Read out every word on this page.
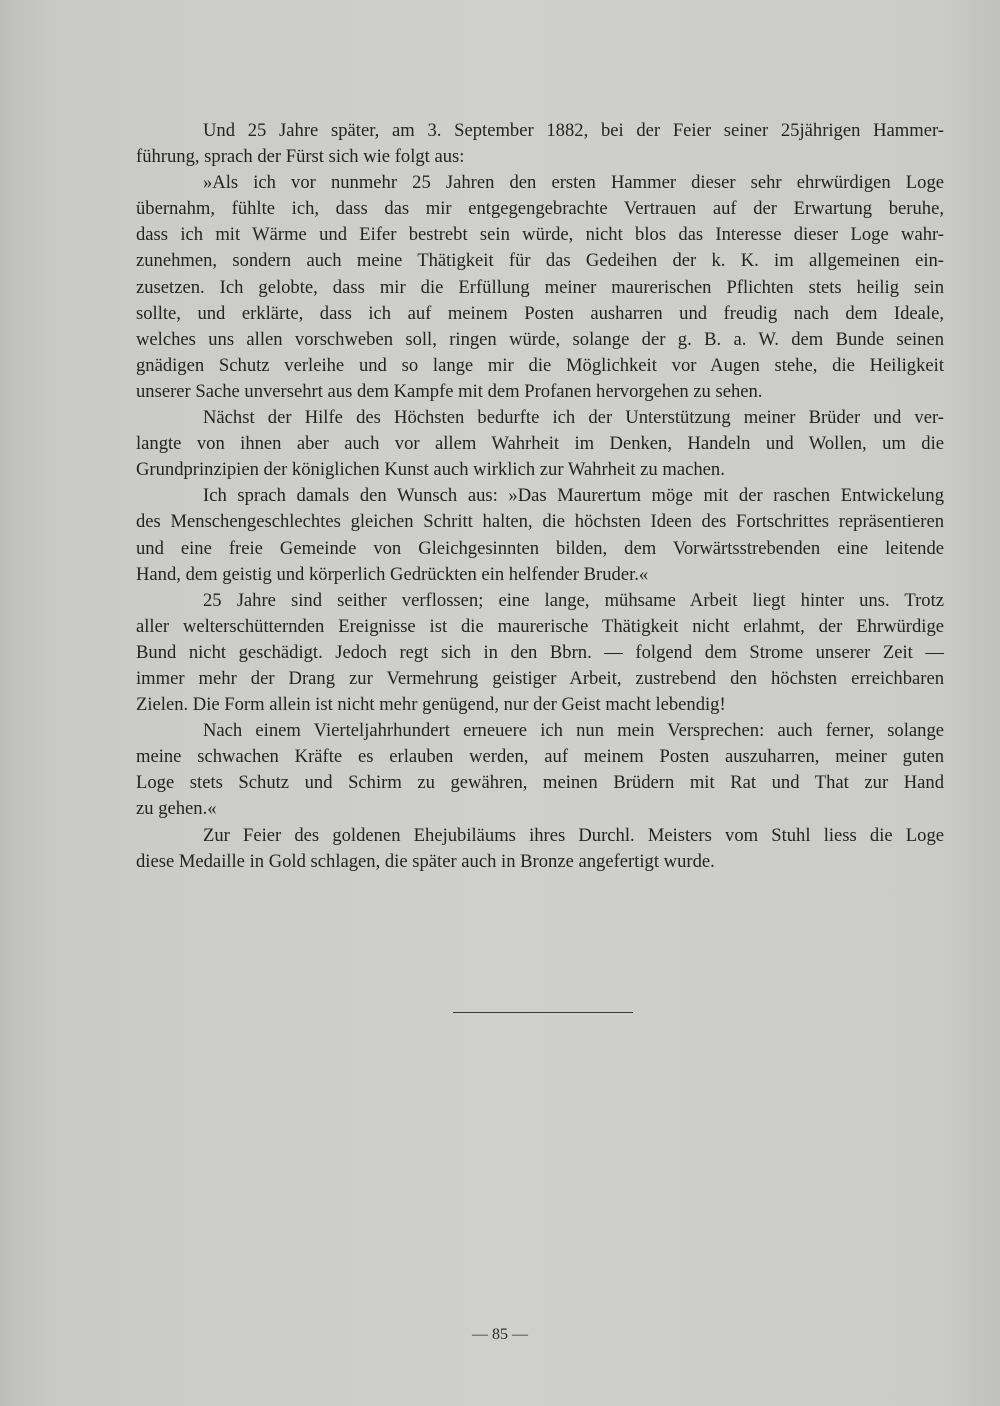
Und 25 Jahre später, am 3. September 1882, bei der Feier seiner 25jährigen Hammer-
führung, sprach der Fürst sich wie folgt aus:
»Als ich vor nunmehr 25 Jahren den ersten Hammer dieser sehr ehrwürdigen Loge
übernahm, fühlte ich, dass das mir entgegengebrachte Vertrauen auf der Erwartung beruhe,
dass ich mit Wärme und Eifer bestrebt sein würde, nicht blos das Interesse dieser Loge wahr-
zunehmen, sondern auch meine Thätigkeit für das Gedeihen der k. K. im allgemeinen ein-
zusetzen. Ich gelobte, dass mir die Erfüllung meiner maurerischen Pflichten stets heilig sein
sollte, und erklärte, dass ich auf meinem Posten ausharren und freudig nach dem Ideale,
welches uns allen vorschweben soll, ringen würde, solange der g. B. a. W. dem Bunde seinen
gnädigen Schutz verleihe und so lange mir die Möglichkeit vor Augen stehe, die Heiligkeit
unserer Sache unversehrt aus dem Kampfe mit dem Profanen hervorgehen zu sehen.
Nächst der Hilfe des Höchsten bedurfte ich der Unterstützung meiner Brüder und ver-
langte von ihnen aber auch vor allem Wahrheit im Denken, Handeln und Wollen, um die
Grundprinzipien der königlichen Kunst auch wirklich zur Wahrheit zu machen.
Ich sprach damals den Wunsch aus: »Das Maurertum möge mit der raschen Entwickelung
des Menschengeschlechtes gleichen Schritt halten, die höchsten Ideen des Fortschrittes repräsentieren
und eine freie Gemeinde von Gleichgesinnten bilden, dem Vorwärtsstrebenden eine leitende
Hand, dem geistig und körperlich Gedrückten ein helfender Bruder.«
25 Jahre sind seither verflossen; eine lange, mühsame Arbeit liegt hinter uns. Trotz
aller welterschütternden Ereignisse ist die maurerische Thätigkeit nicht erlahmt, der Ehrwürdige
Bund nicht geschädigt. Jedoch regt sich in den Bbrn. — folgend dem Strome unserer Zeit —
immer mehr der Drang zur Vermehrung geistiger Arbeit, zustrebend den höchsten erreichbaren
Zielen. Die Form allein ist nicht mehr genügend, nur der Geist macht lebendig!
Nach einem Vierteljahrhundert erneuere ich nun mein Versprechen: auch ferner, solange
meine schwachen Kräfte es erlauben werden, auf meinem Posten auszuharren, meiner guten
Loge stets Schutz und Schirm zu gewähren, meinen Brüdern mit Rat und That zur Hand
zu gehen.«
Zur Feier des goldenen Ehejubiläums ihres Durchl. Meisters vom Stuhl liess die Loge
diese Medaille in Gold schlagen, die später auch in Bronze angefertigt wurde.
— 85 —
